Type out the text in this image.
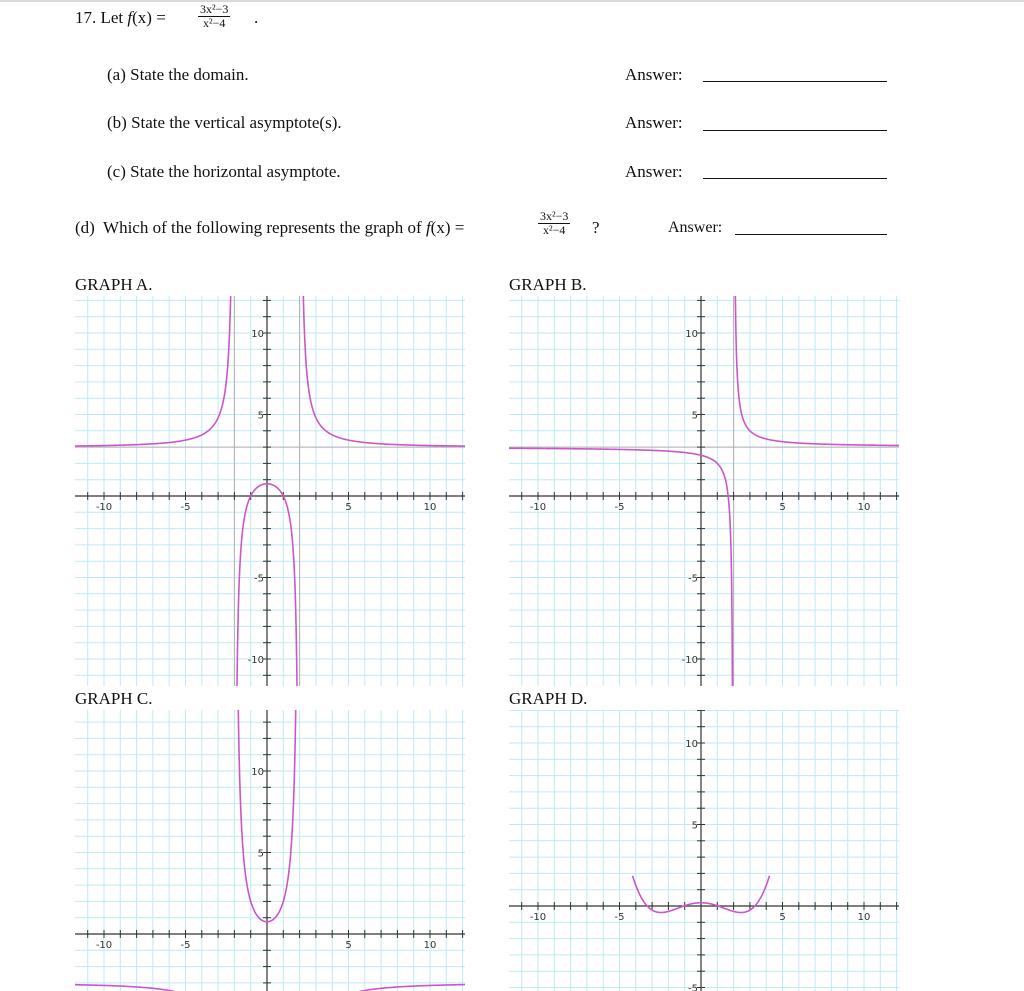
17. Let f(x) =	$\frac{\text{3x²−3}}{\text{x²−4}}$ .
(a) State the domain.	Answer:
(b) State the vertical asymptote(s).	Answer:
(c) State the horizontal asymptote.	Answer:
(d) Which of the following represents the graph of f(x) =	$\frac{\text{3x²−3}}{\text{x²−4}}$ ?	Answer:
GRAPH A.	GRAPH B.
GRAPH C.	GRAPH D.
-10	-5	5	10
10
5
-5
-10
-10	-5	5	10
10
5
-5
-10
-10	-5	5	10
10
5
-10	-5	5	10
10
5
-5
